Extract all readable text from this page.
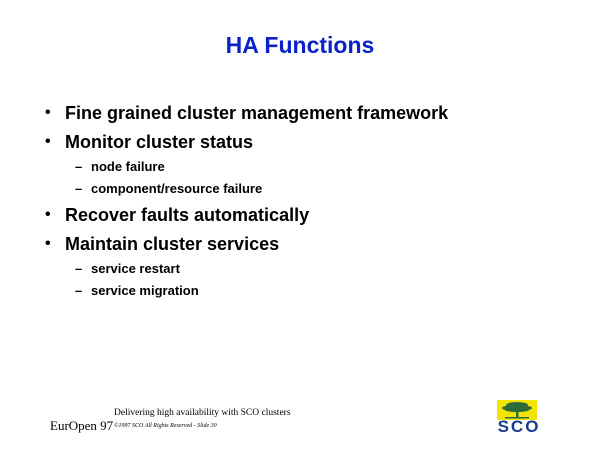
HA Functions
• Fine grained cluster management framework
• Monitor cluster status
– node failure
– component/resource failure
• Recover faults automatically
• Maintain cluster services
– service restart
– service migration
Delivering high availability with SCO clusters
EurOpen 97 ©1997 SCO All Rights Reserved - Slide 30	SCO
